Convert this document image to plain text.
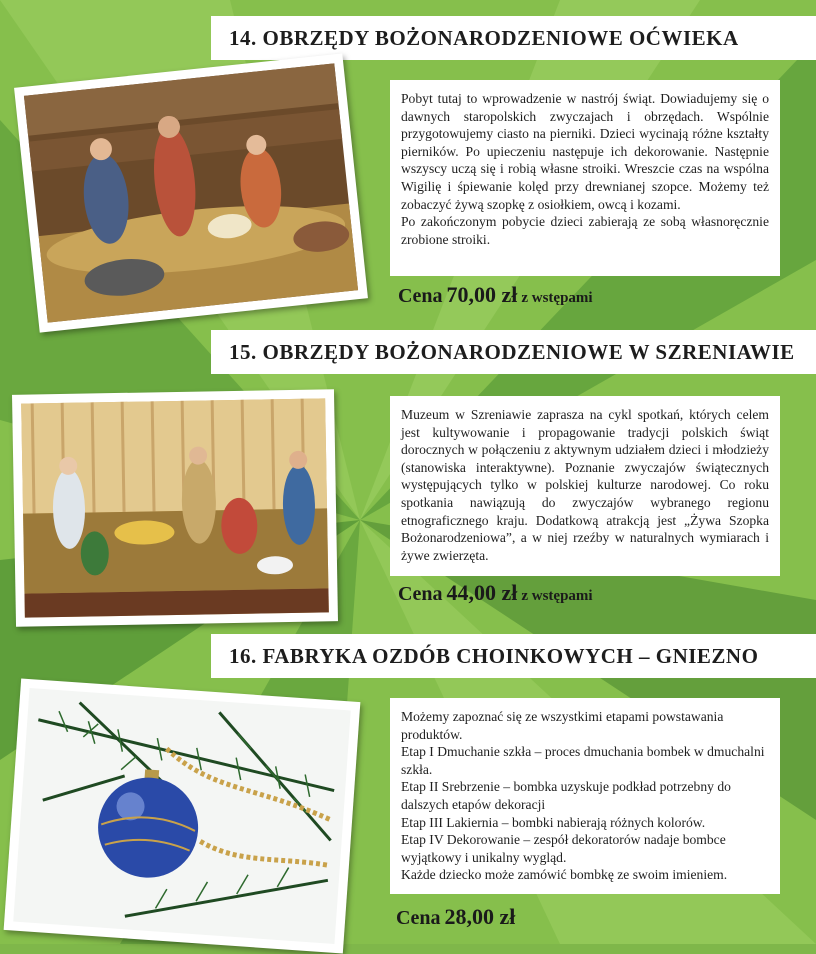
14. OBRZĘDY BOŻONARODZENIOWE OĆWIEKA

Pobyt tutaj to wprowadzenie w nastrój świąt. Dowiadujemy się o dawnych staropolskich zwyczajach i obrzędach. Wspólnie przygotowujemy ciasto na pierniki. Dzieci wycinają różne kształty pierników. Po upieczeniu następuje ich dekorowanie. Następnie wszyscy uczą się i robią własne stroiki. Wreszcie czas na wspólna Wigilię i śpiewanie kolęd przy drewnianej szopce. Możemy też zobaczyć żywą szopkę z osiołkiem, owcą i kozami.

Po zakończonym pobycie dzieci zabierają ze sobą własnoręcznie zrobione stroiki.

Cena 70,00 zł z wstępami
15. OBRZĘDY BOŻONARODZENIOWE W SZRENIAWIE

Muzeum w Szreniawie zaprasza na cykl spotkań, których celem jest kultywowanie i propagowanie tradycji polskich świąt dorocznych w połączeniu z aktywnym udziałem dzieci i młodzieży (stanowiska interaktywne). Poznanie zwyczajów świątecznych występujących tylko w polskiej kulturze narodowej. Co roku spotkania nawiązują do zwyczajów wybranego regionu etnograficznego kraju. Dodatkową atrakcją jest „Żywa Szopka Bożonarodzeniowa”, a w niej rzeźby w naturalnych wymiarach i żywe zwierzęta.

Cena 44,00 zł z wstępami
16. FABRYKA OZDÓB CHOINKOWYCH – GNIEZNO

Możemy zapoznać się ze wszystkimi etapami powstawania produktów.

Etap I Dmuchanie szkła – proces dmuchania bombek w dmuchalni szkła.

Etap II Srebrzenie – bombka uzyskuje podkład potrzebny do dalszych etapów dekoracji

Etap III Lakiernia – bombki nabierają różnych kolorów.

Etap IV Dekorowanie – zespół dekoratorów nadaje bombce wyjątkowy i unikalny wygląd.

Każde dziecko może zamówić bombkę ze swoim imieniem.

Cena 28,00 zł
